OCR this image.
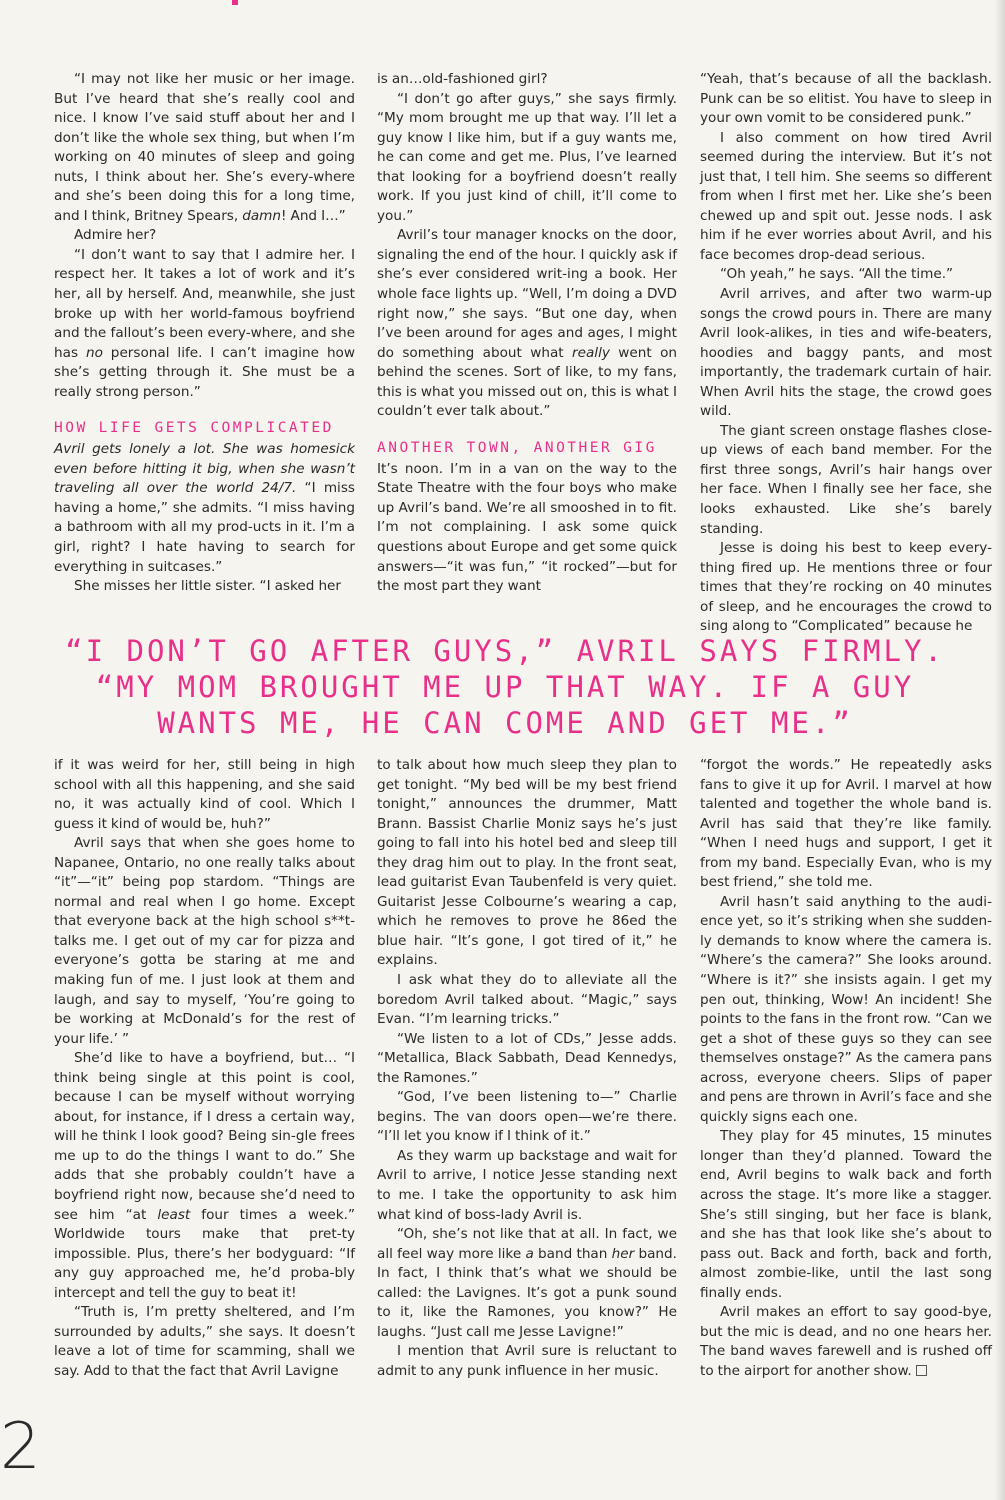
“I may not like her music or her image. But I’ve heard that she’s really cool and nice. I know I’ve said stuff about her and I don’t like the whole sex thing, but when I’m working on 40 minutes of sleep and going nuts, I think about her. She’s every-where and she’s been doing this for a long time, and I think, Britney Spears, damn! And I…”

Admire her?

“I don’t want to say that I admire her. I respect her. It takes a lot of work and it’s her, all by herself. And, meanwhile, she just broke up with her world-famous boyfriend and the fallout’s been every-where, and she has no personal life. I can’t imagine how she’s getting through it. She must be a really strong person.”

HOW LIFE GETS COMPLICATED

Avril gets lonely a lot. She was homesick even before hitting it big, when she wasn’t traveling all over the world 24/7. “I miss having a home,” she admits. “I miss having a bathroom with all my prod-ucts in it. I’m a girl, right? I hate having to search for everything in suitcases.”

She misses her little sister. “I asked her

is an…old-fashioned girl?

“I don’t go after guys,” she says firmly. “My mom brought me up that way. I’ll let a guy know I like him, but if a guy wants me, he can come and get me. Plus, I’ve learned that looking for a boyfriend doesn’t really work. If you just kind of chill, it’ll come to you.”

Avril’s tour manager knocks on the door, signaling the end of the hour. I quickly ask if she’s ever considered writ-ing a book. Her whole face lights up. “Well, I’m doing a DVD right now,” she says. “But one day, when I’ve been around for ages and ages, I might do something about what really went on behind the scenes. Sort of like, to my fans, this is what you missed out on, this is what I couldn’t ever talk about.”

ANOTHER TOWN, ANOTHER GIG

It’s noon. I’m in a van on the way to the State Theatre with the four boys who make up Avril’s band. We’re all smooshed in to fit. I’m not complaining. I ask some quick questions about Europe and get some quick answers—“it was fun,” “it rocked”—but for the most part they want

“Yeah, that’s because of all the backlash. Punk can be so elitist. You have to sleep in your own vomit to be considered punk.”

I also comment on how tired Avril seemed during the interview. But it’s not just that, I tell him. She seems so different from when I first met her. Like she’s been chewed up and spit out. Jesse nods. I ask him if he ever worries about Avril, and his face becomes drop-dead serious.

“Oh yeah,” he says. “All the time.”

Avril arrives, and after two warm-up songs the crowd pours in. There are many Avril look-alikes, in ties and wife-beaters, hoodies and baggy pants, and most importantly, the trademark curtain of hair. When Avril hits the stage, the crowd goes wild.

The giant screen onstage flashes close-up views of each band member. For the first three songs, Avril’s hair hangs over her face. When I finally see her face, she looks exhausted. Like she’s barely standing.

Jesse is doing his best to keep every-thing fired up. He mentions three or four times that they’re rocking on 40 minutes of sleep, and he encourages the crowd to sing along to “Complicated” because he

“I DON’T GO AFTER GUYS,” AVRIL SAYS FIRMLY.
“MY MOM BROUGHT ME UP THAT WAY. IF A GUY
WANTS ME, HE CAN COME AND GET ME.”

if it was weird for her, still being in high school with all this happening, and she said no, it was actually kind of cool. Which I guess it kind of would be, huh?”

Avril says that when she goes home to Napanee, Ontario, no one really talks about “it”—“it” being pop stardom. “Things are normal and real when I go home. Except that everyone back at the high school s**t-talks me. I get out of my car for pizza and everyone’s gotta be staring at me and making fun of me. I just look at them and laugh, and say to myself, ‘You’re going to be working at McDonald’s for the rest of your life.’ ”

She’d like to have a boyfriend, but… “I think being single at this point is cool, because I can be myself without worrying about, for instance, if I dress a certain way, will he think I look good? Being sin-gle frees me up to do the things I want to do.” She adds that she probably couldn’t have a boyfriend right now, because she’d need to see him “at least four times a week.” Worldwide tours make that pret-ty impossible. Plus, there’s her bodyguard: “If any guy approached me, he’d proba-bly intercept and tell the guy to beat it!

“Truth is, I’m pretty sheltered, and I’m surrounded by adults,” she says. It doesn’t leave a lot of time for scamming, shall we say. Add to that the fact that Avril Lavigne

to talk about how much sleep they plan to get tonight. “My bed will be my best friend tonight,” announces the drummer, Matt Brann. Bassist Charlie Moniz says he’s just going to fall into his hotel bed and sleep till they drag him out to play. In the front seat, lead guitarist Evan Taubenfeld is very quiet. Guitarist Jesse Colbourne’s wearing a cap, which he removes to prove he 86ed the blue hair. “It’s gone, I got tired of it,” he explains.

I ask what they do to alleviate all the boredom Avril talked about. “Magic,” says Evan. “I’m learning tricks.”

“We listen to a lot of CDs,” Jesse adds. “Metallica, Black Sabbath, Dead Kennedys, the Ramones.”

“God, I’ve been listening to—” Charlie begins. The van doors open—we’re there. “I’ll let you know if I think of it.”

As they warm up backstage and wait for Avril to arrive, I notice Jesse standing next to me. I take the opportunity to ask him what kind of boss-lady Avril is.

“Oh, she’s not like that at all. In fact, we all feel way more like a band than her band. In fact, I think that’s what we should be called: the Lavignes. It’s got a punk sound to it, like the Ramones, you know?” He laughs. “Just call me Jesse Lavigne!”

I mention that Avril sure is reluctant to admit to any punk influence in her music.

“forgot the words.” He repeatedly asks fans to give it up for Avril. I marvel at how talented and together the whole band is. Avril has said that they’re like family. “When I need hugs and support, I get it from my band. Especially Evan, who is my best friend,” she told me.

Avril hasn’t said anything to the audi-ence yet, so it’s striking when she sudden-ly demands to know where the camera is. “Where’s the camera?” She looks around. “Where is it?” she insists again. I get my pen out, thinking, Wow! An incident! She points to the fans in the front row. “Can we get a shot of these guys so they can see themselves onstage?” As the camera pans across, everyone cheers. Slips of paper and pens are thrown in Avril’s face and she quickly signs each one.

They play for 45 minutes, 15 minutes longer than they’d planned. Toward the end, Avril begins to walk back and forth across the stage. It’s more like a stagger. She’s still singing, but her face is blank, and she has that look like she’s about to pass out. Back and forth, back and forth, almost zombie-like, until the last song finally ends.

Avril makes an effort to say good-bye, but the mic is dead, and no one hears her. The band waves farewell and is rushed off to the airport for another show.

2
